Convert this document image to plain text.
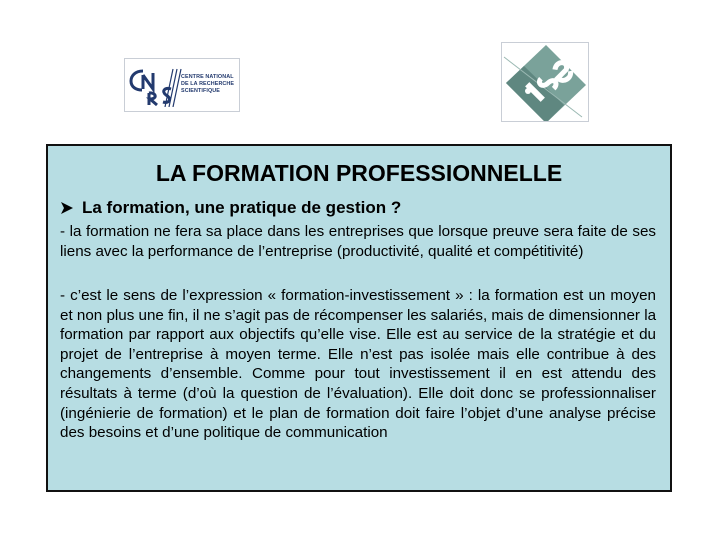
CENTRE NATIONAL
DE LA RECHERCHE
SCIENTIFIQUE
LA FORMATION PROFESSIONNELLE
La formation, une pratique de gestion ?
- la formation ne fera sa place dans les entreprises que lorsque preuve sera faite de ses liens avec la performance de l’entreprise (productivité, qualité et compétitivité)
- c’est le sens de l’expression « formation-investissement » : la formation est un moyen et non plus une fin, il ne s’agit pas de récompenser les salariés, mais de dimensionner la formation par rapport aux objectifs qu’elle vise. Elle est au service de la stratégie et du projet de l’entreprise à moyen terme. Elle n’est pas isolée mais elle contribue à des changements d’ensemble. Comme pour tout investissement il en est attendu des résultats à terme (d’où la question de l’évaluation). Elle doit donc se professionnaliser (ingénierie de formation) et le plan de formation doit faire l’objet d’une analyse précise des besoins et d’une politique de communication
